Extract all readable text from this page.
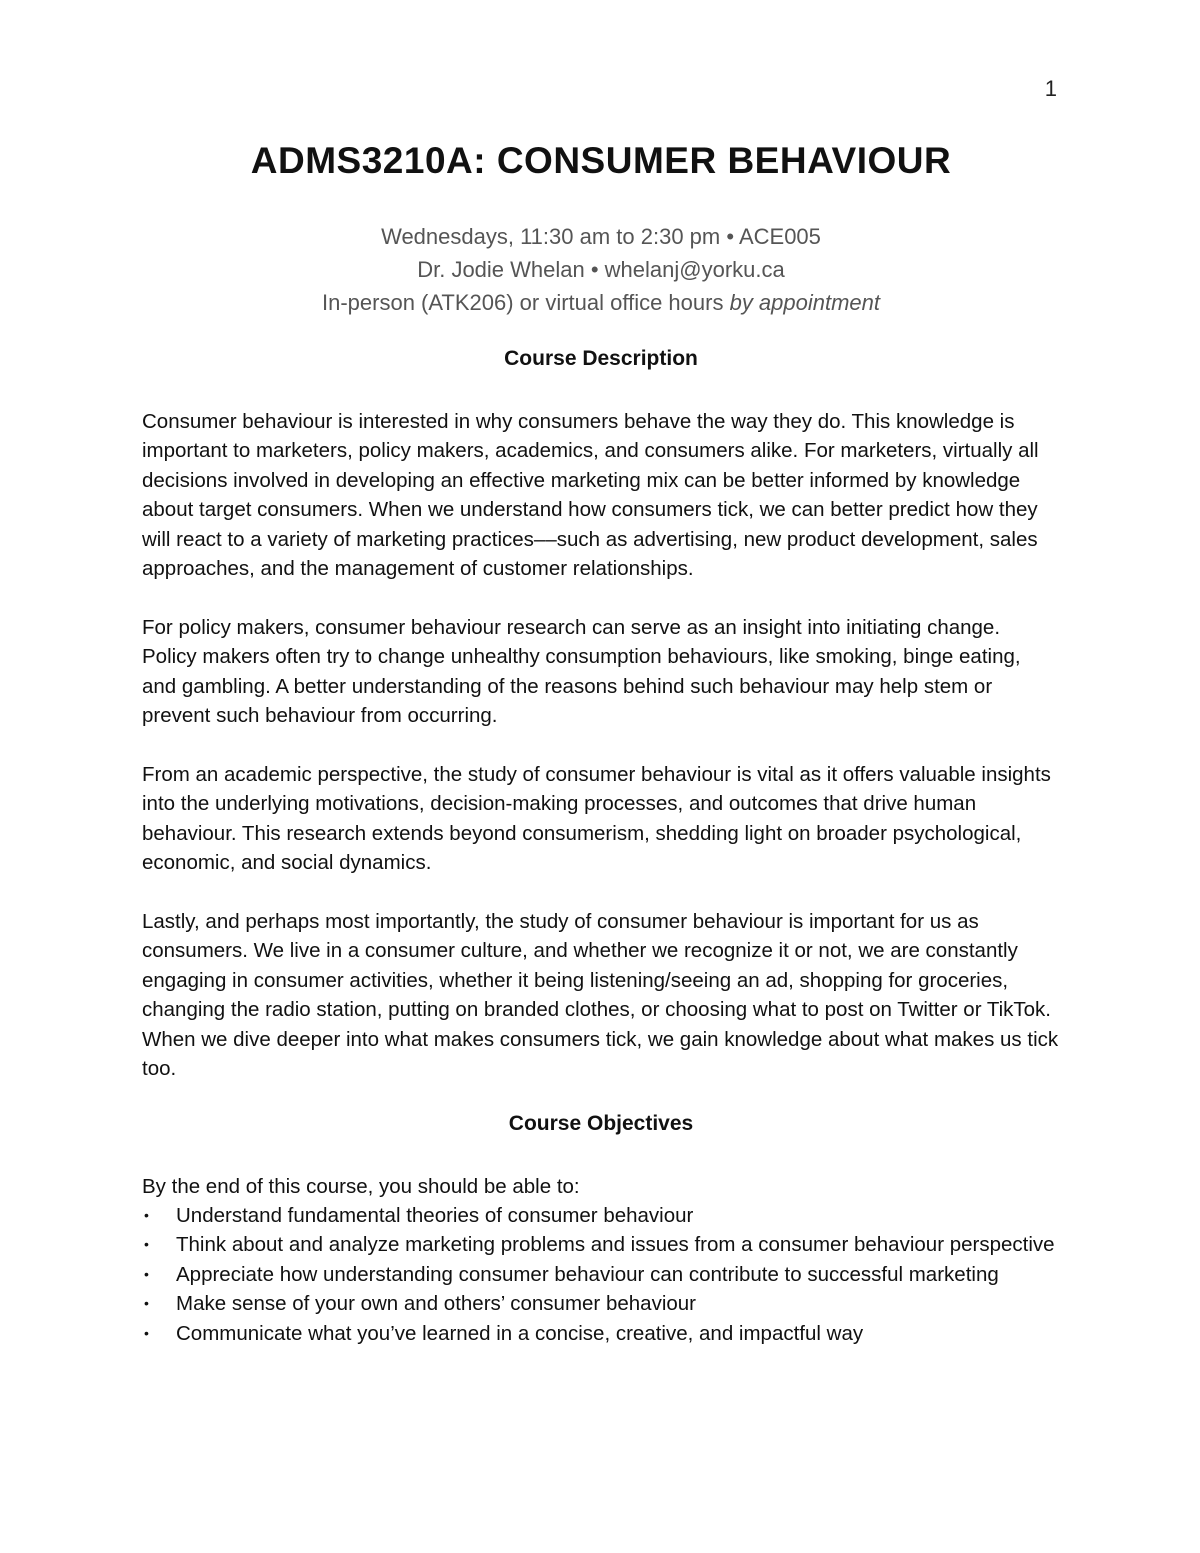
1
ADMS3210A: CONSUMER BEHAVIOUR
Wednesdays, 11:30 am to 2:30 pm • ACE005
Dr. Jodie Whelan • whelanj@yorku.ca
In-person (ATK206) or virtual office hours by appointment
Course Description

Consumer behaviour is interested in why consumers behave the way they do. This knowledge is important to marketers, policy makers, academics, and consumers alike. For marketers, virtually all decisions involved in developing an effective marketing mix can be better informed by knowledge about target consumers. When we understand how consumers tick, we can better predict how they will react to a variety of marketing practices––such as advertising, new product development, sales approaches, and the management of customer relationships.

For policy makers, consumer behaviour research can serve as an insight into initiating change. Policy makers often try to change unhealthy consumption behaviours, like smoking, binge eating, and gambling. A better understanding of the reasons behind such behaviour may help stem or prevent such behaviour from occurring.

From an academic perspective, the study of consumer behaviour is vital as it offers valuable insights into the underlying motivations, decision-making processes, and outcomes that drive human behaviour. This research extends beyond consumerism, shedding light on broader psychological, economic, and social dynamics.

Lastly, and perhaps most importantly, the study of consumer behaviour is important for us as consumers. We live in a consumer culture, and whether we recognize it or not, we are constantly engaging in consumer activities, whether it being listening/seeing an ad, shopping for groceries, changing the radio station, putting on branded clothes, or choosing what to post on Twitter or TikTok. When we dive deeper into what makes consumers tick, we gain knowledge about what makes us tick too.

Course Objectives

By the end of this course, you should be able to:

• Understand fundamental theories of consumer behaviour
• Think about and analyze marketing problems and issues from a consumer behaviour perspective
• Appreciate how understanding consumer behaviour can contribute to successful marketing
• Make sense of your own and others’ consumer behaviour
• Communicate what you’ve learned in a concise, creative, and impactful way
